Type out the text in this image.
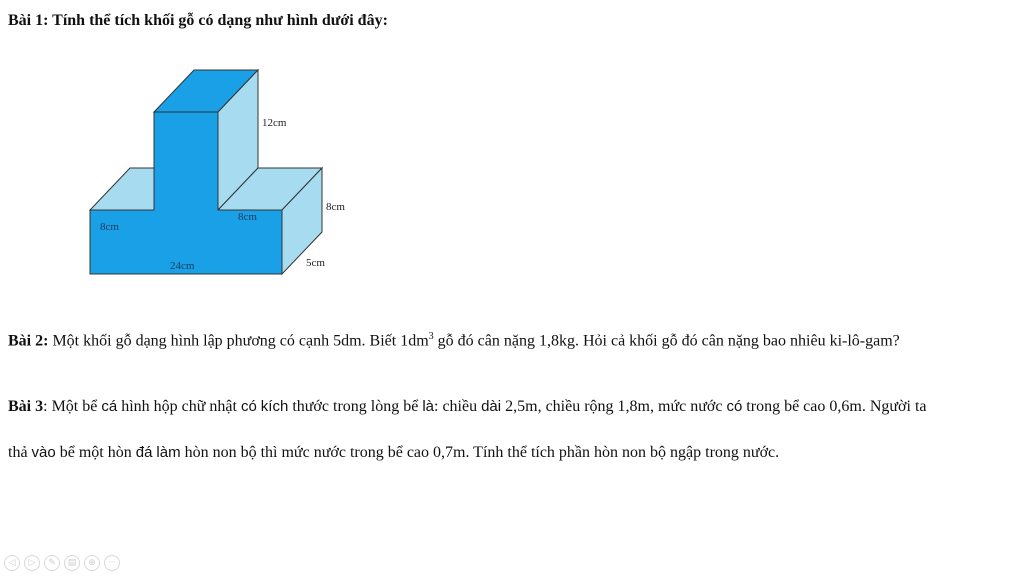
Bài 1: Tính thể tích khối gỗ có dạng như hình dưới đây:
12cm
8cm
8cm
8cm
24cm	5cm
Bài 2: Một khối gỗ dạng hình lập phương có cạnh 5dm. Biết $1dm^3$ gỗ đó cân nặng 1,8kg. Hỏi cả khối gỗ đó cân nặng bao nhiêu ki-lô-gam?
Bài 3: Một bể cá hình hộp chữ nhật có kích thước trong lòng bể là: chiều dài 2,5m, chiều rộng 1,8m, mức nước có trong bể cao 0,6m. Người ta
thả vào bể một hòn đá làm hòn non bộ thì mức nước trong bể cao 0,7m. Tính thể tích phần hòn non bộ ngập trong nước.
◁	▷	✎	▤	⊕	···
